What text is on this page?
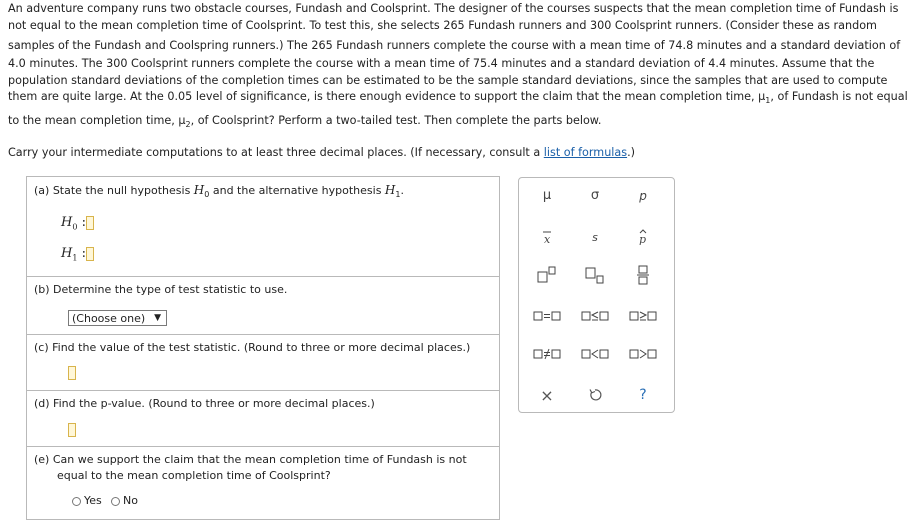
An adventure company runs two obstacle courses, Fundash and Coolsprint. The designer of the courses suspects that the mean completion time of Fundash is

not equal to the mean completion time of Coolsprint. To test this, she selects 265 Fundash runners and 300 Coolsprint runners. (Consider these as random

samples of the Fundash and Coolspring runners.) The 265 Fundash runners complete the course with a mean time of 74.8 minutes and a standard deviation of

4.0 minutes. The 300 Coolsprint runners complete the course with a mean time of 75.4 minutes and a standard deviation of 4.4 minutes. Assume that the

population standard deviations of the completion times can be estimated to be the sample standard deviations, since the samples that are used to compute

them are quite large. At the 0.05 level of significance, is there enough evidence to support the claim that the mean completion time, $\mu_1$, of Fundash is not equal

to the mean completion time, $\mu_2$, of Coolsprint? Perform a two-tailed test. Then complete the parts below.

Carry your intermediate computations to at least three decimal places. (If necessary, consult a list of formulas.)

(a) State the null hypothesis $H_0$ and the alternative hypothesis $H_1$.

$H_0$ :
$H_1$ :

(b) Determine the type of test statistic to use.

(c) Find the value of the test statistic. (Round to three or more decimal places.)

(d) Find the p-value. (Round to three or more decimal places.)

(e) Can we support the claim that the mean completion time of Fundash is not
equal to the mean completion time of Coolsprint?

(Choose one) ▼
Yes No
μ	σ	p
x	s	p
×	?
